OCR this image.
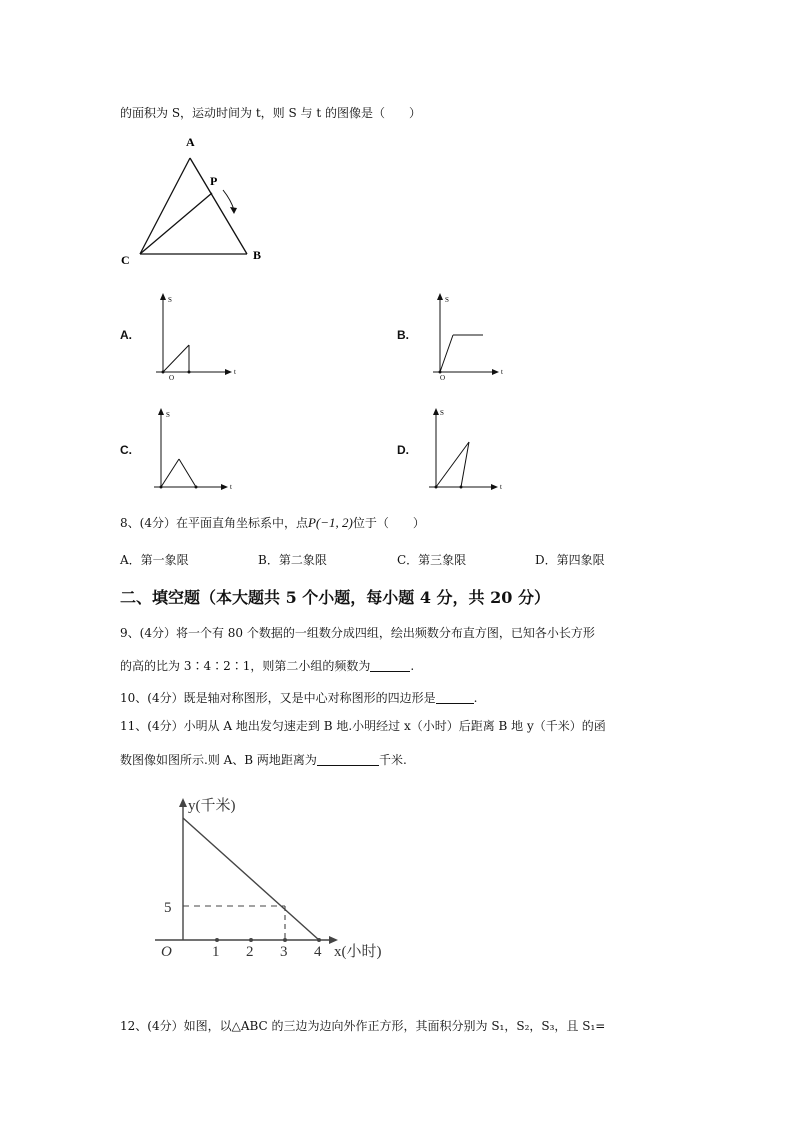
的面积为 S，运动时间为 t，则 S 与 t 的图像是（　　）
A
P
C	B
A.	B.
C.	D.
S
t
O
S
t
O
S
t
S
t
8、(4分）在平面直角坐标系中，点P(−1, 2)位于（　　）
A．第一象限	B．第二象限	C．第三象限	D．第四象限
二、填空题（本大题共 5 个小题，每小题 4 分，共 20 分）
9、(4分）将一个有 80 个数据的一组数分成四组，绘出频数分布直方图，已知各小长方形
的高的比为 3∶4∶2∶1，则第二小组的频数为	.
10、(4分）既是轴对称图形，又是中心对称图形的四边形是	.
11、(4分）小明从 A 地出发匀速走到 B 地.小明经过 x（小时）后距离 B 地 y（千米）的函
数图像如图所示.则 A、B 两地距离为	千米.
y(千米)
x(小时)
O
5
1 2 3 4
12、(4分）如图，以△ABC 的三边为边向外作正方形，其面积分别为 S₁，S₂，S₃，且 S₁=
